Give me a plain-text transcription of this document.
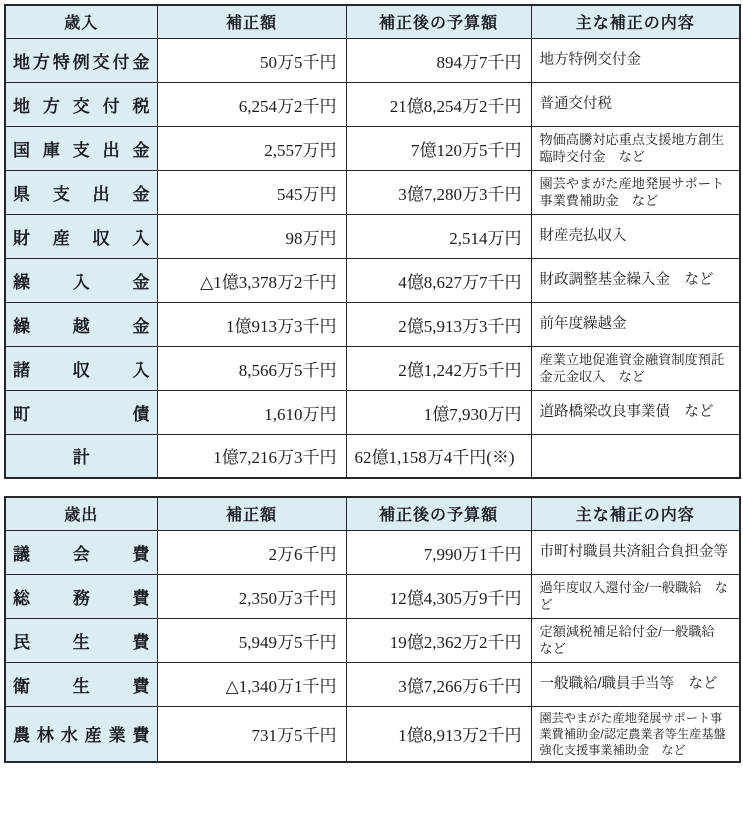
歳入	補正額	補正後の予算額	主な補正の内容

地 方 特 例 交 付 金	50万5千円	894万7千円	地方特例交付金

地 方 交 付 税	6,254万2千円	21億8,254万2千円	普通交付税

国 庫 支 出 金	2,557万円	7億120万5千円	物価高騰対応重点支援地方創生臨時交付金　など

県 支 出 金	545万円	3億7,280万3千円	園芸やまがた産地発展サポート事業費補助金　など

財 産 収 入	98万円	2,514万円	財産売払収入

繰 入 金	△1億3,378万2千円	4億8,627万7千円	財政調整基金繰入金　など

繰 越 金	1億913万3千円	2億5,913万3千円	前年度繰越金

諸 収 入	8,566万5千円	2億1,242万5千円	産業立地促進資金融資制度預託金元金収入　など

町 債	1,610万円	1億7,930万円	道路橋梁改良事業債　など
計	1億7,216万3千円	62億1,158万4千円(※)	
歳出	補正額	補正後の予算額	主な補正の内容

議 会 費	2万6千円	7,990万1千円	市町村職員共済組合負担金等

総 務 費	2,350万3千円	12億4,305万9千円	過年度収入還付金/一般職給　など

民 生 費	5,949万5千円	19億2,362万2千円	定額減税補足給付金/一般職給　など

衛 生 費	△1,340万1千円	3億7,266万6千円	一般職給/職員手当等　など

農 林 水 産 業 費	731万5千円	1億8,913万2千円	園芸やまがた産地発展サポート事業費補助金/認定農業者等生産基盤強化支援事業補助金　など
